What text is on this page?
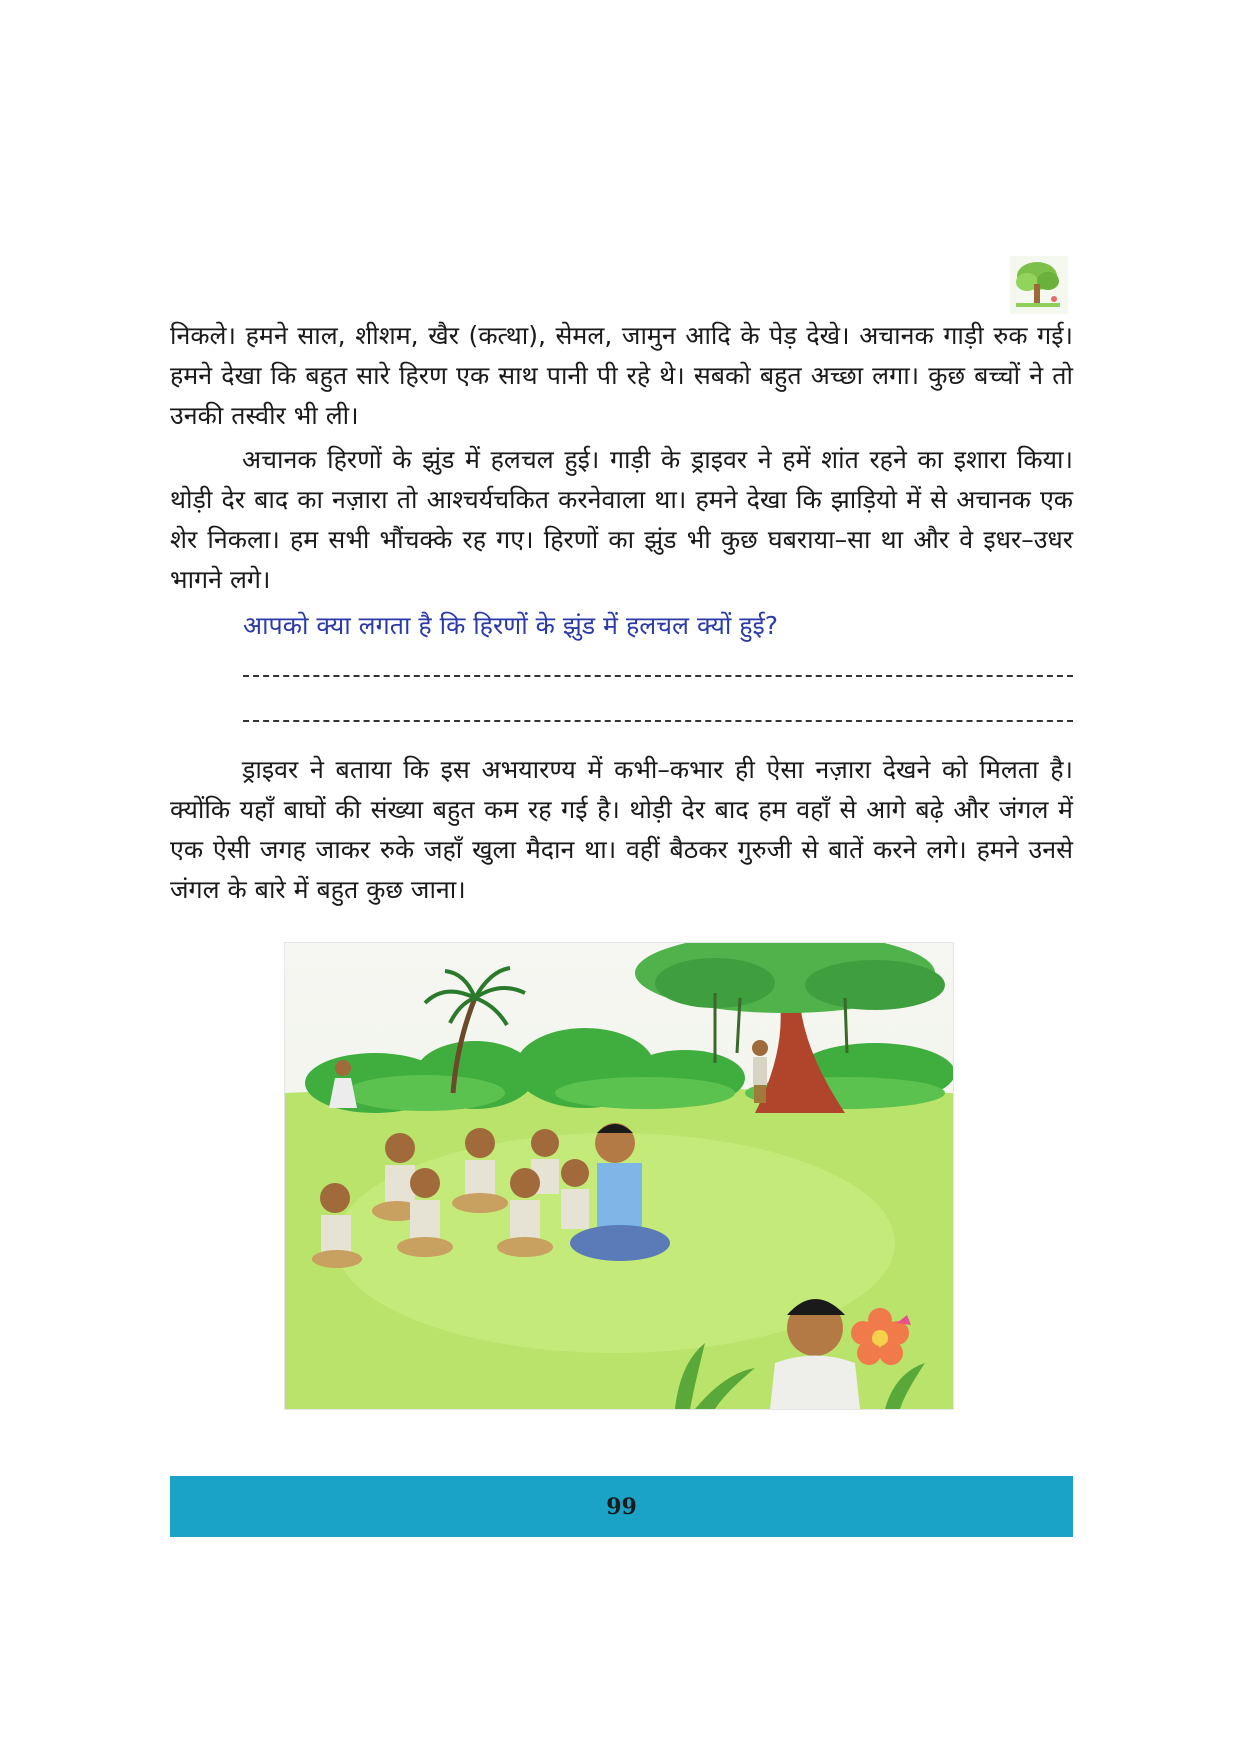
निकले। हमने साल, शीशम, खैर (कत्था), सेमल, जामुन आदि के पेड़ देखे। अचानक गाड़ी रुक गई। हमने देखा कि बहुत सारे हिरण एक साथ पानी पी रहे थे। सबको बहुत अच्छा लगा। कुछ बच्चों ने तो उनकी तस्वीर भी ली।

अचानक हिरणों के झुंड में हलचल हुई। गाड़ी के ड्राइवर ने हमें शांत रहने का इशारा किया। थोड़ी देर बाद का नज़ारा तो आश्चर्यचकित करनेवाला था। हमने देखा कि झाड़ियो में से अचानक एक शेर निकला। हम सभी भौंचक्के रह गए। हिरणों का झुंड भी कुछ घबराया–सा था और वे इधर–उधर भागने लगे।

आपको क्या लगता है कि हिरणों के झुंड में हलचल क्यों हुई?

ड्राइवर ने बताया कि इस अभयारण्य में कभी–कभार ही ऐसा नज़ारा देखने को मिलता है। क्योंकि यहाँ बाघों की संख्या बहुत कम रह गई है। थोड़ी देर बाद हम वहाँ से आगे बढ़े और जंगल में एक ऐसी जगह जाकर रुके जहाँ खुला मैदान था। वहीं बैठकर गुरुजी से बातें करने लगे। हमने उनसे जंगल के बारे में बहुत कुछ जाना।

99
